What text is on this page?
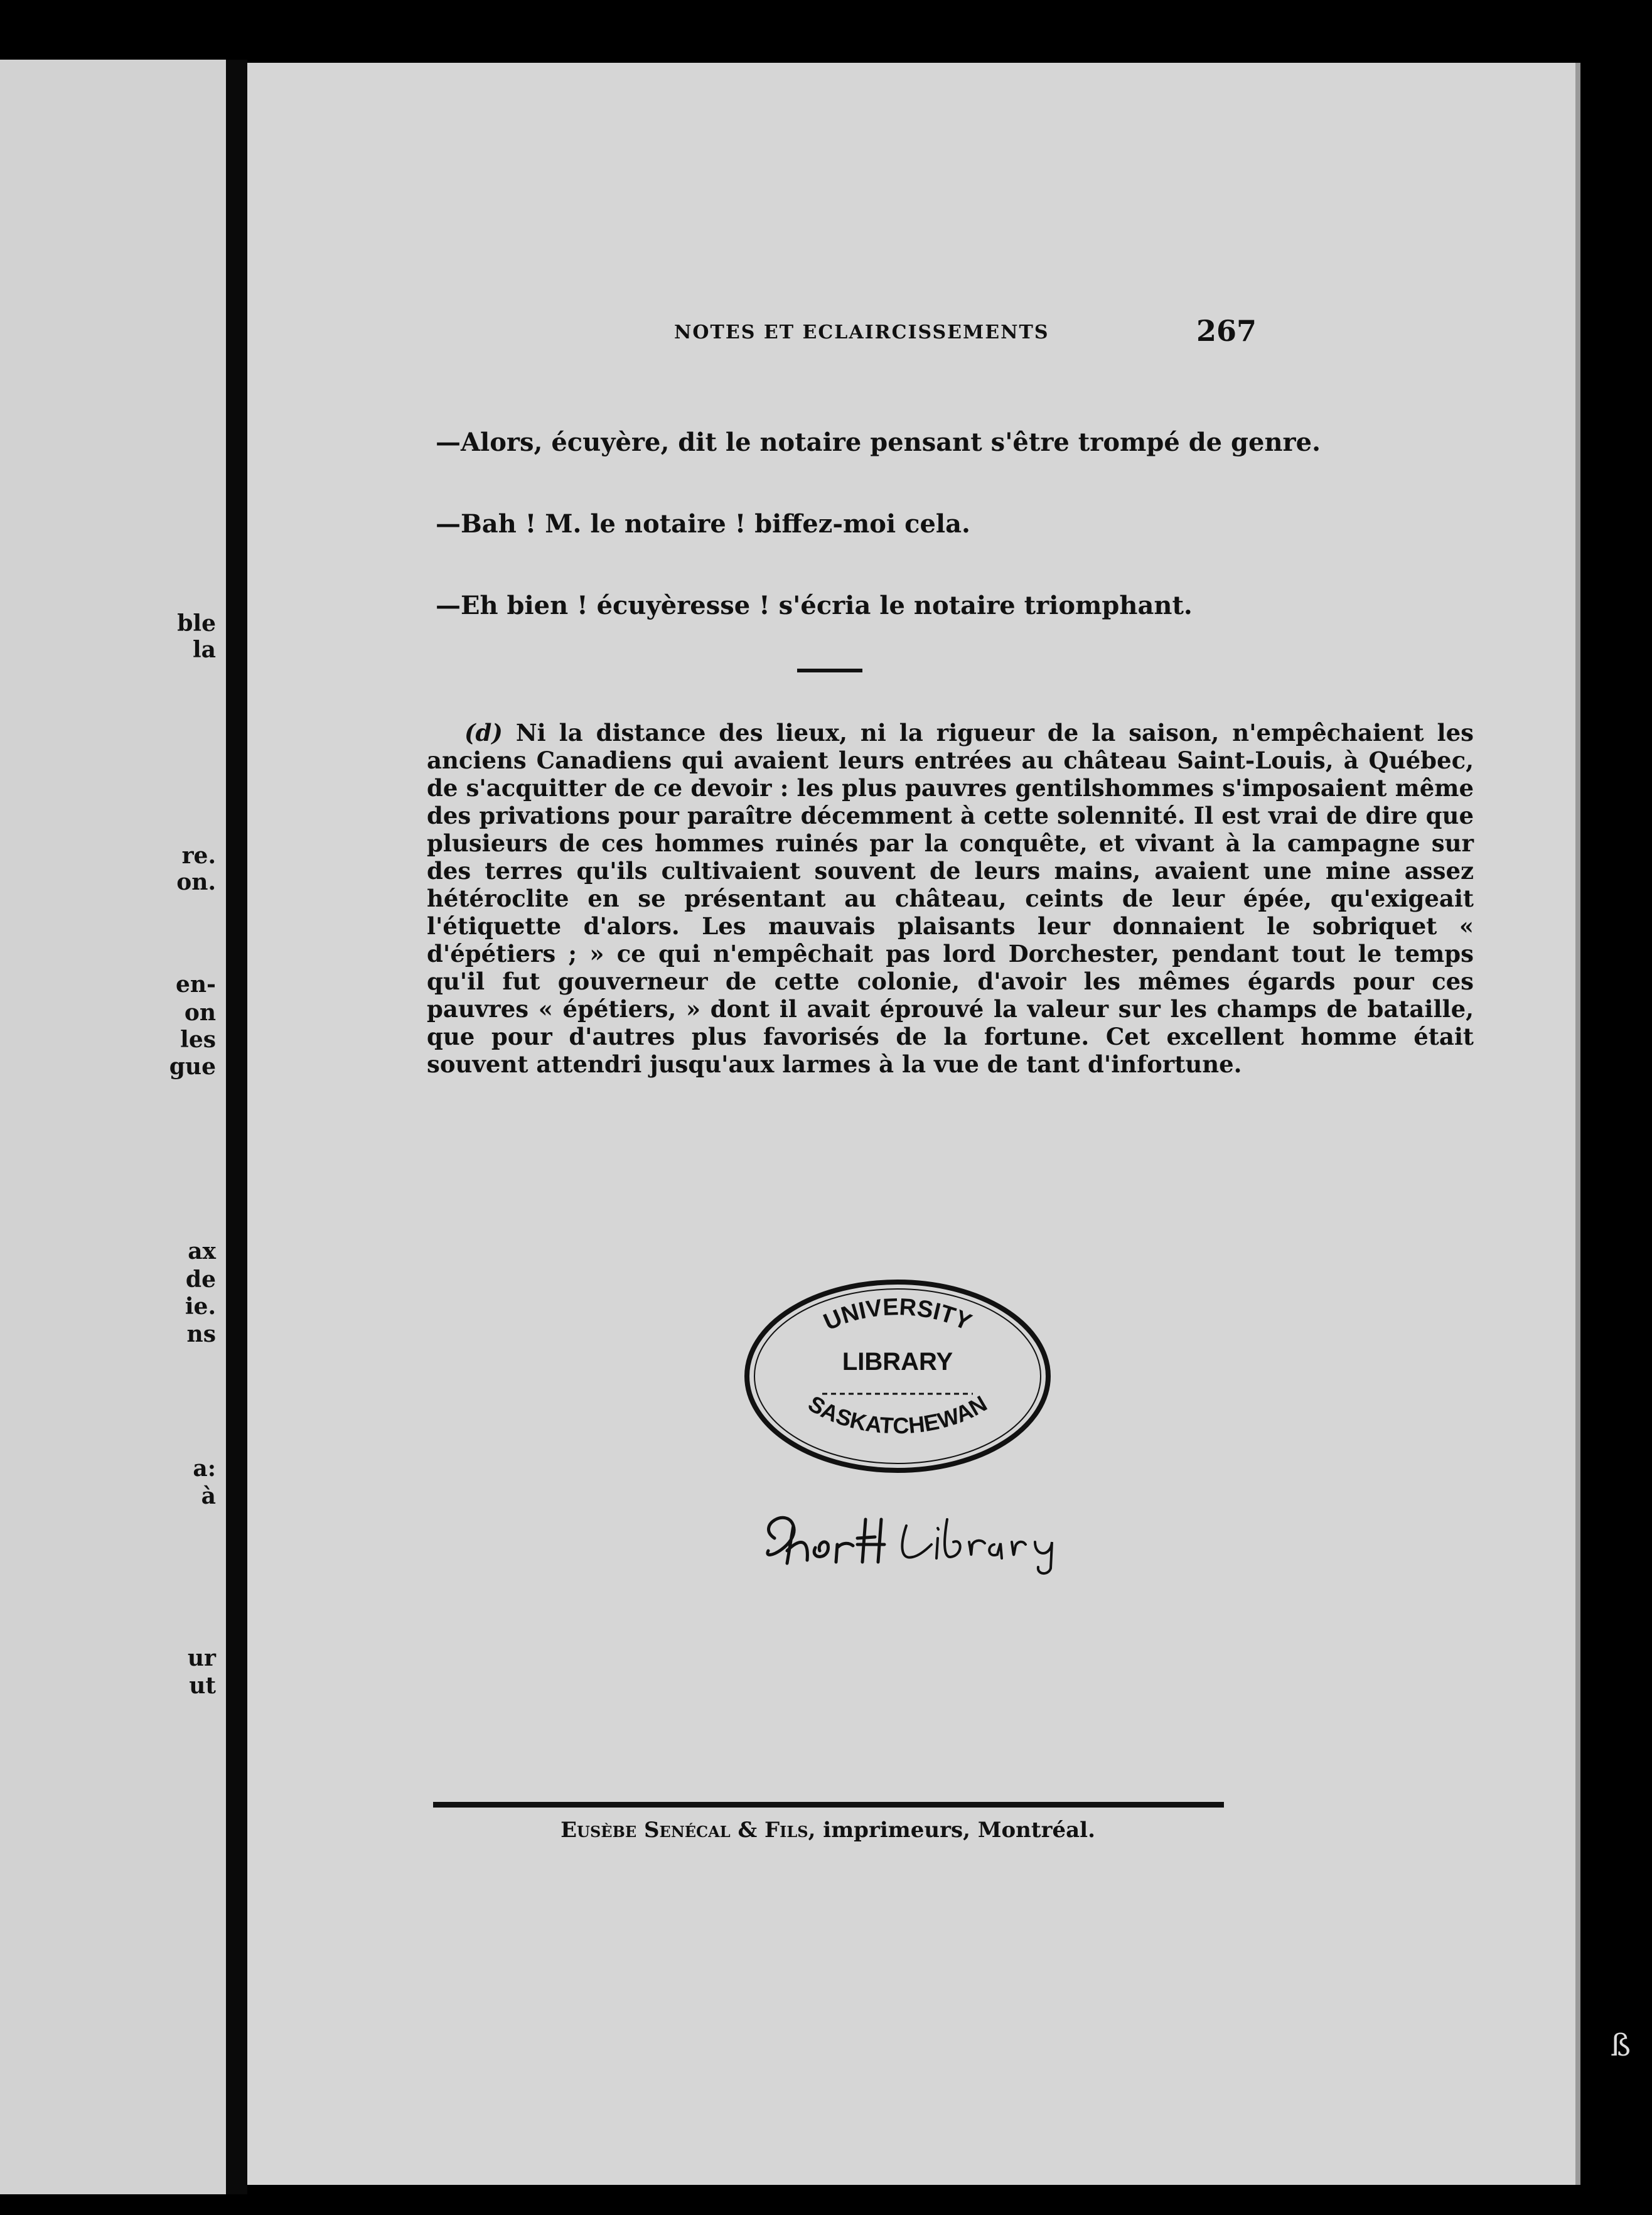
ble
la
re.
on.
en-
on
les
gue
ax
de
ie.
ns
a:
à
ur
ut
NOTES ET ECLAIRCISSEMENTS	267
—Alors, écuyère, dit le notaire pensant s'être trompé de genre.
—Bah ! M. le notaire ! biffez-moi cela.
—Eh bien ! écuyèresse ! s'écria le notaire triomphant.

(d) Ni la distance des lieux, ni la rigueur de la saison, n'empêchaient les anciens Canadiens qui avaient leurs entrées au château Saint-Louis, à Québec, de s'acquitter de ce devoir : les plus pauvres gentilshommes s'imposaient même des privations pour paraître décemment à cette solennité. Il est vrai de dire que plusieurs de ces hommes ruinés par la conquête, et vivant à la campagne sur des terres qu'ils cultivaient souvent de leurs mains, avaient une mine assez hétéroclite en se présentant au château, ceints de leur épée, qu'exigeait l'étiquette d'alors. Les mauvais plaisants leur donnaient le sobriquet « d'épétiers ; » ce qui n'empêchait pas lord Dorchester, pendant tout le temps qu'il fut gouverneur de cette colonie, d'avoir les mêmes égards pour ces pauvres « épétiers, » dont il avait éprouvé la valeur sur les champs de bataille, que pour d'autres plus favorisés de la fortune. Cet excellent homme était souvent attendri jusqu'aux larmes à la vue de tant d'infortune.

UNIVERSITY
LIBRARY
SASKATCHEWAN
Shortt Library
Eusèbe Senécal & Fils, imprimeurs, Montréal.
ß
